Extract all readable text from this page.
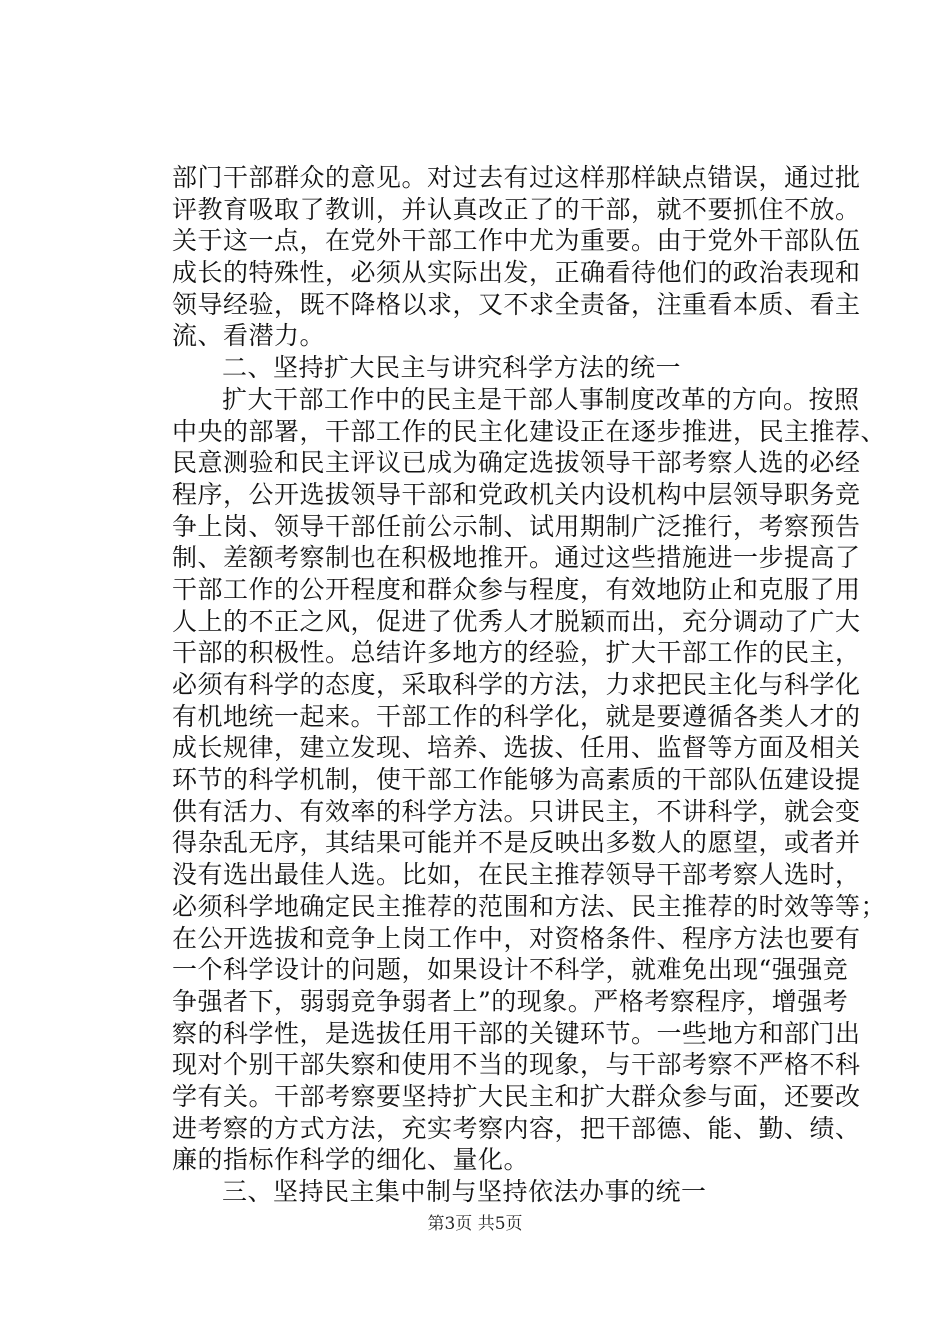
部门干部群众的意见。对过去有过这样那样缺点错误，通过批
评教育吸取了教训，并认真改正了的干部，就不要抓住不放。
关于这一点，在党外干部工作中尤为重要。由于党外干部队伍
成长的特殊性，必须从实际出发，正确看待他们的政治表现和
领导经验，既不降格以求，又不求全责备，注重看本质、看主
流、看潜力。
二、坚持扩大民主与讲究科学方法的统一
扩大干部工作中的民主是干部人事制度改革的方向。按照
中央的部署，干部工作的民主化建设正在逐步推进，民主推荐、
民意测验和民主评议已成为确定选拔领导干部考察人选的必经
程序，公开选拔领导干部和党政机关内设机构中层领导职务竞
争上岗、领导干部任前公示制、试用期制广泛推行，考察预告
制、差额考察制也在积极地推开。通过这些措施进一步提高了
干部工作的公开程度和群众参与程度，有效地防止和克服了用
人上的不正之风，促进了优秀人才脱颖而出，充分调动了广大
干部的积极性。总结许多地方的经验，扩大干部工作的民主，
必须有科学的态度，采取科学的方法，力求把民主化与科学化
有机地统一起来。干部工作的科学化，就是要遵循各类人才的
成长规律，建立发现、培养、选拔、任用、监督等方面及相关
环节的科学机制，使干部工作能够为高素质的干部队伍建设提
供有活力、有效率的科学方法。只讲民主，不讲科学，就会变
得杂乱无序，其结果可能并不是反映出多数人的愿望，或者并
没有选出最佳人选。比如，在民主推荐领导干部考察人选时，
必须科学地确定民主推荐的范围和方法、民主推荐的时效等等；
在公开选拔和竞争上岗工作中，对资格条件、程序方法也要有
一个科学设计的问题，如果设计不科学，就难免出现“强强竞
争强者下，弱弱竞争弱者上”的现象。严格考察程序，增强考
察的科学性，是选拔任用干部的关键环节。一些地方和部门出
现对个别干部失察和使用不当的现象，与干部考察不严格不科
学有关。干部考察要坚持扩大民主和扩大群众参与面，还要改
进考察的方式方法，充实考察内容，把干部德、能、勤、绩、
廉的指标作科学的细化、量化。
三、坚持民主集中制与坚持依法办事的统一
第3页 共5页
